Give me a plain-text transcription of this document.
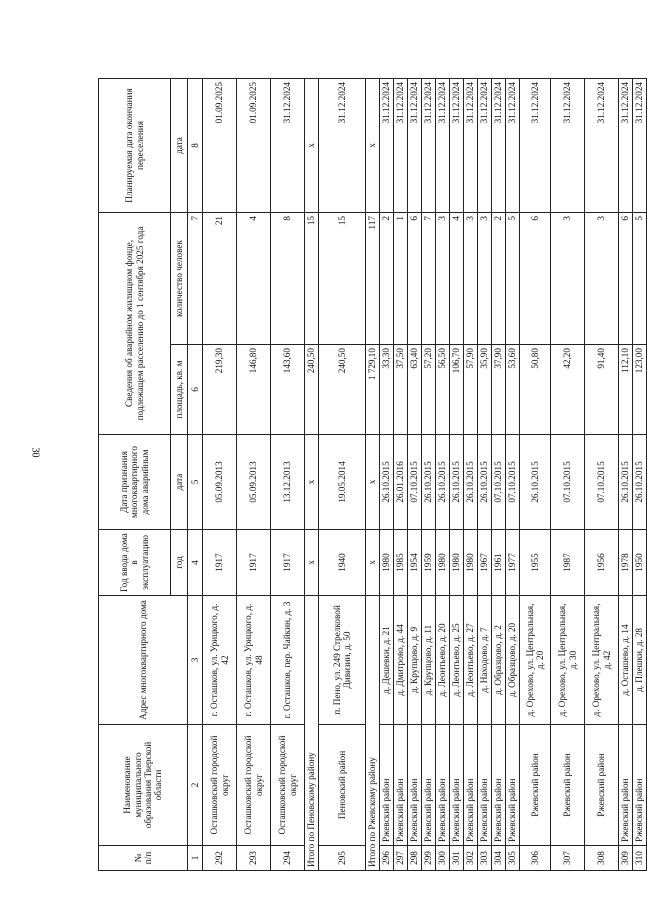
30
№ п/п	Наименование муниципального образования Тверской области	Адрес многоквартирного дома	Год ввода дома в эксплуатацию	Дата признания многоквартирного дома аварийным	Сведения об аварийном жилищном фонде, подлежащем расселению до 1 сентября 2025 года		Планируемая дата окончания переселения
			год	дата	площадь, кв. м	количество человек	дата
1	2	3	4	5	6	7	8
292	Осташковский городской округ	г. Осташков, ул. Урицкого, д. 42	1917	05.09.2013	219,30	21	01.09.2025
293	Осташковский городской округ	г. Осташков, ул. Урицкого, д. 48	1917	05.09.2013	146,80	4	01.09.2025
294	Осташковский городской округ	г. Осташков, пер. Чайкин, д. 3	1917	13.12.2013	143,60	8	31.12.2024
Итого по Пеновскому району			x	x	240,50	15	x
295	Пеновский район	п. Пено, ул. 249 Стрелковой Дивизии, д. 50	1940	19.05.2014	240,50	15	31.12.2024
Итого по Ржевскому району			x	x	1 729,10	117	x
296	Ржевский район	д. Дешевки, д. 21	1980	26.10.2015	33,30	2	31.12.2024
297	Ржевский район	д. Дмитрово, д. 44	1985	26.01.2016	37,50	1	31.12.2024
298	Ржевский район	д. Крупцово, д. 9	1954	07.10.2015	63,40	6	31.12.2024
299	Ржевский район	д. Крупцово, д. 11	1959	26.10.2015	57,20	7	31.12.2024
300	Ржевский район	д. Леонтьево, д. 20	1980	26.10.2015	56,50	3	31.12.2024
301	Ржевский район	д. Леонтьево, д. 25	1980	26.10.2015	106,70	4	31.12.2024
302	Ржевский район	д. Леонтьево, д. 27	1980	26.10.2015	57,90	3	31.12.2024
303	Ржевский район	д. Находово, д. 7	1967	26.10.2015	35,90	3	31.12.2024
304	Ржевский район	д. Образцово, д. 2	1961	07.10.2015	37,90	2	31.12.2024
305	Ржевский район	д. Образцово, д. 20	1977	07.10.2015	53,60	5	31.12.2024
306	Ржевский район	д. Орехово, ул. Центральная, д. 20	1955	26.10.2015	50,80	6	31.12.2024
307	Ржевский район	д. Орехово, ул. Центральная, д. 30	1987	07.10.2015	42,20	3	31.12.2024
308	Ржевский район	д. Орехово, ул. Центральная, д. 42	1956	07.10.2015	91,40	3	31.12.2024
309	Ржевский район	д. Осташево, д. 14	1978	26.10.2015	112,10	6	31.12.2024
310	Ржевский район	д. Плешки, д. 28	1950	26.10.2015	123,00	5	31.12.2024
